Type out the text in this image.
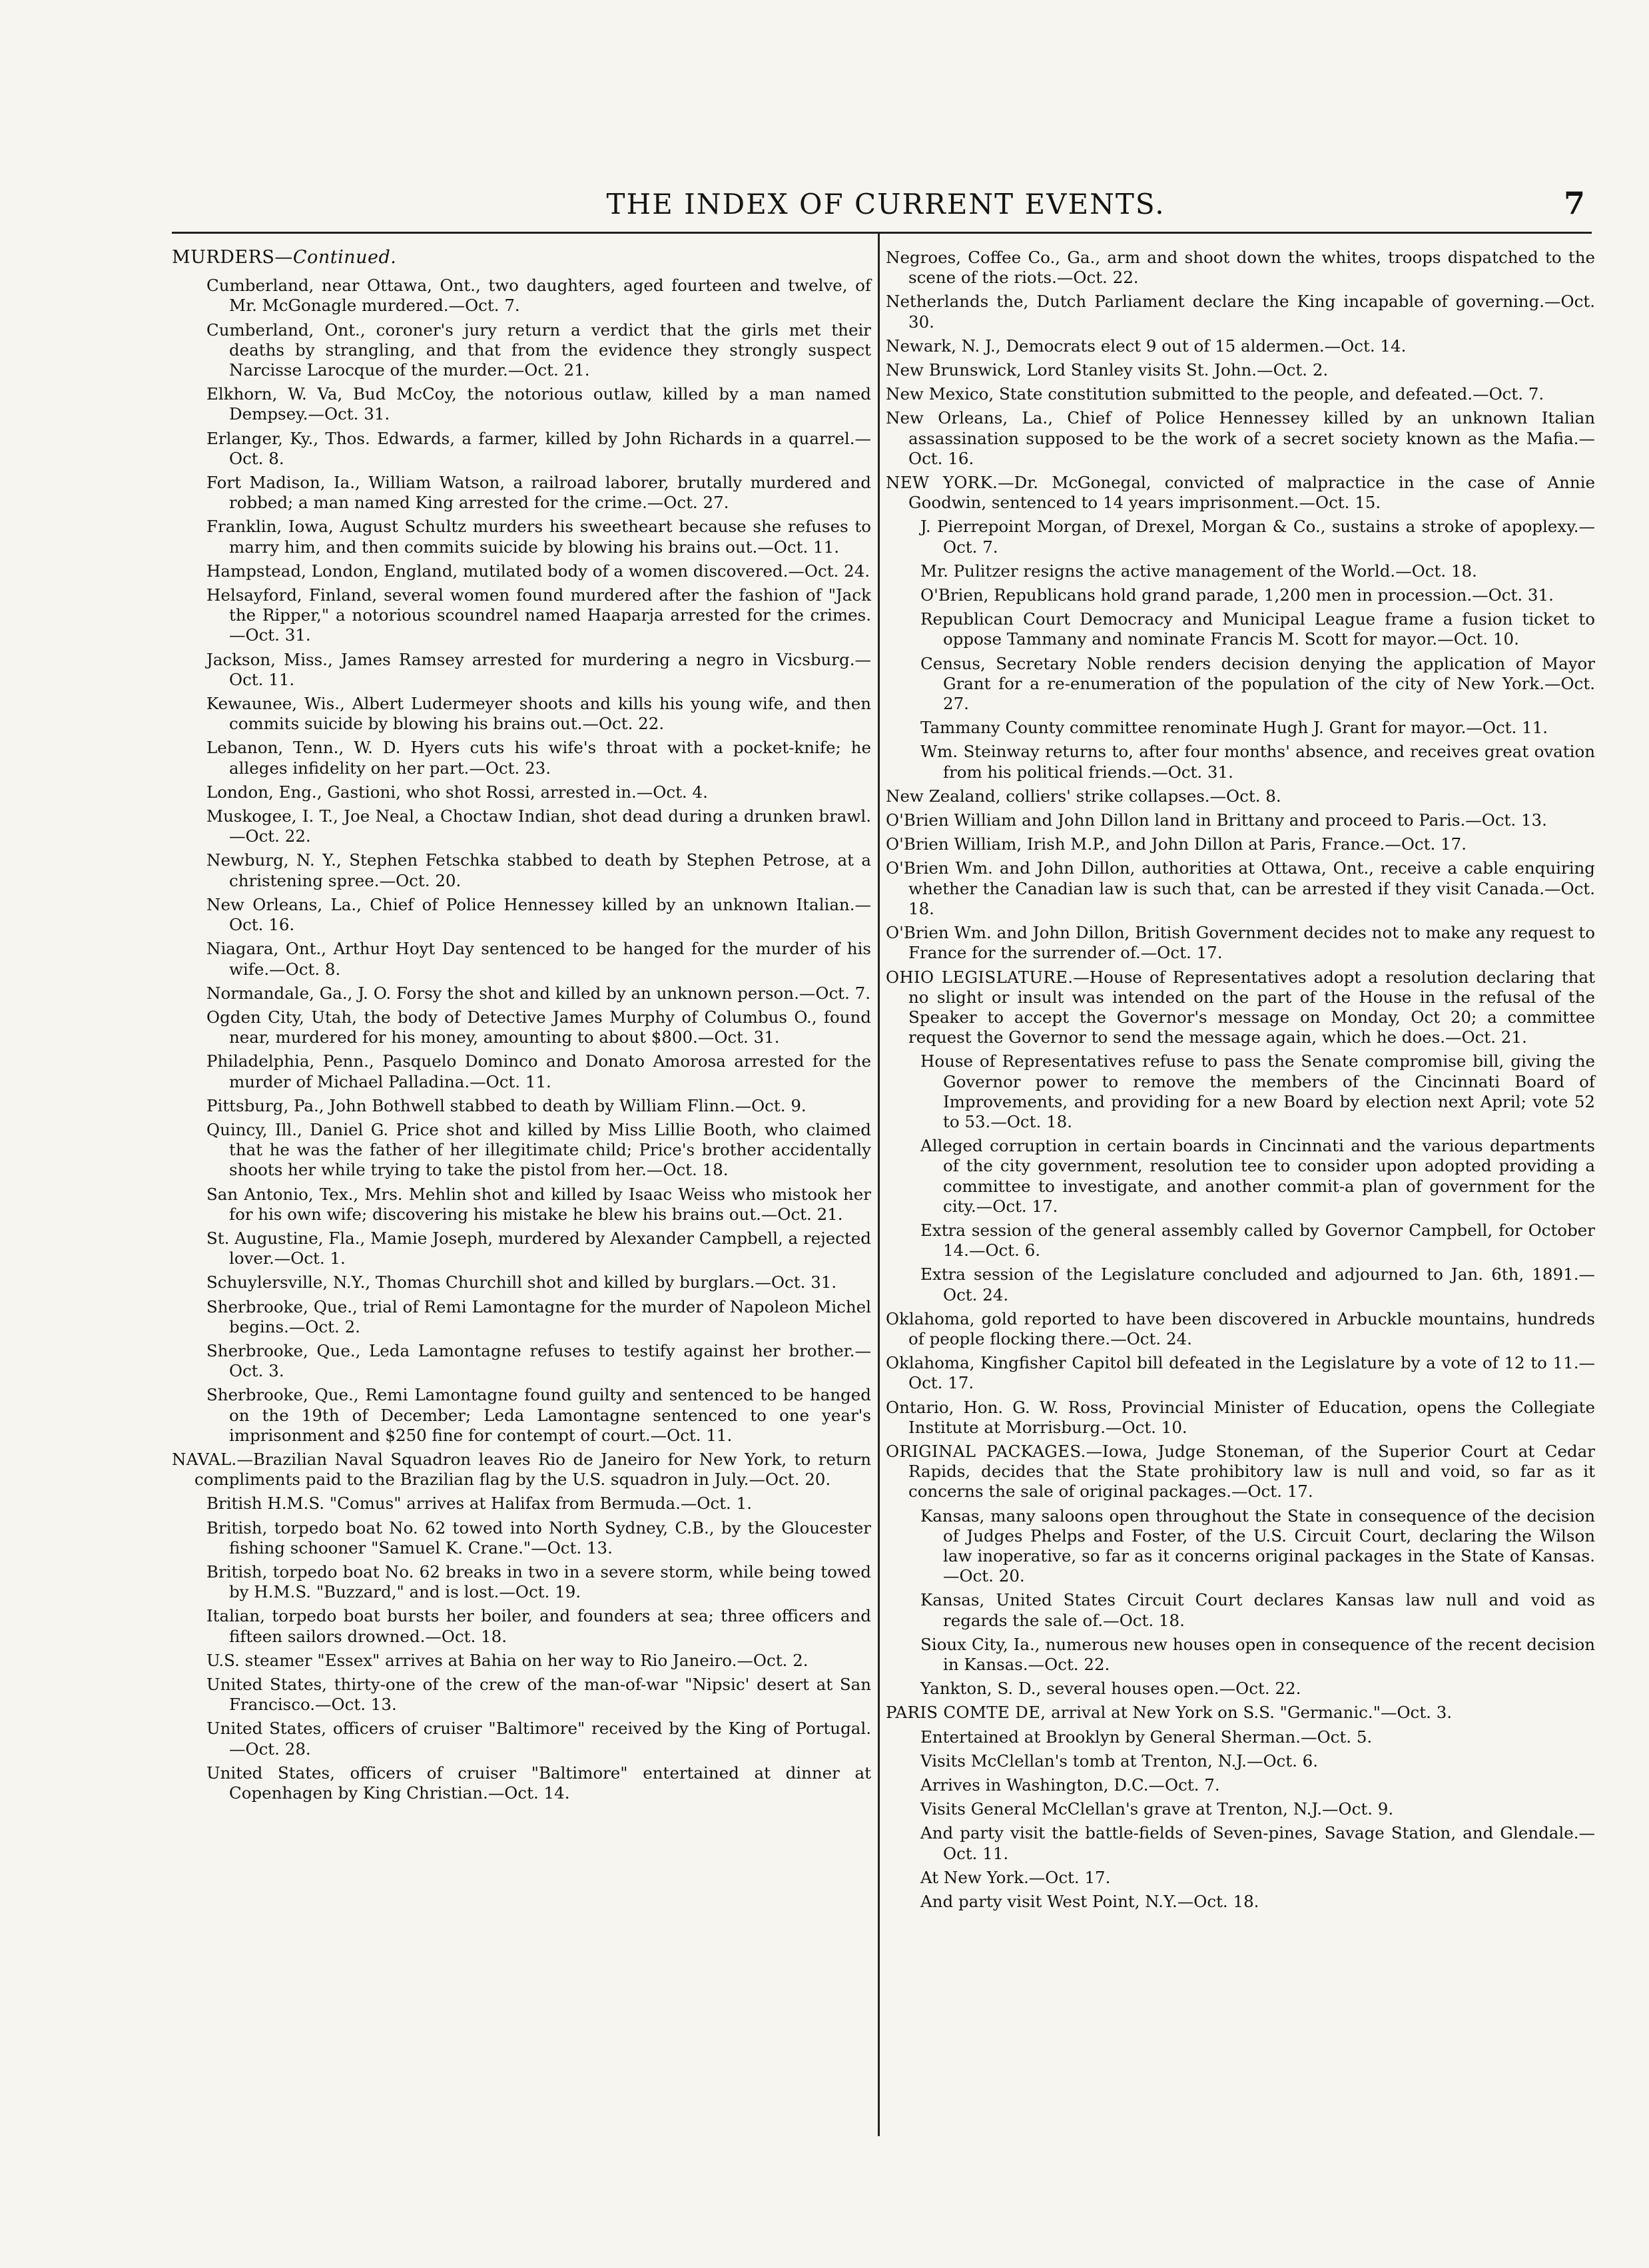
THE INDEX OF CURRENT EVENTS.	7

MURDERS—Continued.

Cumberland, near Ottawa, Ont., two daughters, aged fourteen and twelve, of Mr. McGonagle murdered.—Oct. 7.

Cumberland, Ont., coroner's jury return a verdict that the girls met their deaths by strangling, and that from the evidence they strongly suspect Narcisse Larocque of the murder.—Oct. 21.

Elkhorn, W. Va, Bud McCoy, the notorious outlaw, killed by a man named Dempsey.—Oct. 31.

Erlanger, Ky., Thos. Edwards, a farmer, killed by John Richards in a quarrel.—Oct. 8.

Fort Madison, Ia., William Watson, a railroad laborer, brutally murdered and robbed; a man named King arrested for the crime.—Oct. 27.

Franklin, Iowa, August Schultz murders his sweetheart because she refuses to marry him, and then commits suicide by blowing his brains out.—Oct. 11.

Hampstead, London, England, mutilated body of a women discovered.—Oct. 24.

Helsayford, Finland, several women found murdered after the fashion of "Jack the Ripper," a notorious scoundrel named Haaparja arrested for the crimes.—Oct. 31.

Jackson, Miss., James Ramsey arrested for murdering a negro in Vicsburg.—Oct. 11.

Kewaunee, Wis., Albert Ludermeyer shoots and kills his young wife, and then commits suicide by blowing his brains out.—Oct. 22.

Lebanon, Tenn., W. D. Hyers cuts his wife's throat with a pocket-knife; he alleges infidelity on her part.—Oct. 23.

London, Eng., Gastioni, who shot Rossi, arrested in.—Oct. 4.

Muskogee, I. T., Joe Neal, a Choctaw Indian, shot dead during a drunken brawl.—Oct. 22.

Newburg, N. Y., Stephen Fetschka stabbed to death by Stephen Petrose, at a christening spree.—Oct. 20.

New Orleans, La., Chief of Police Hennessey killed by an unknown Italian.—Oct. 16.

Niagara, Ont., Arthur Hoyt Day sentenced to be hanged for the murder of his wife.—Oct. 8.

Normandale, Ga., J. O. Forsy the shot and killed by an unknown person.—Oct. 7.

Ogden City, Utah, the body of Detective James Murphy of Columbus O., found near, murdered for his money, amounting to about $800.—Oct. 31.

Philadelphia, Penn., Pasquelo Dominco and Donato Amorosa arrested for the murder of Michael Palladina.—Oct. 11.

Pittsburg, Pa., John Bothwell stabbed to death by William Flinn.—Oct. 9.

Quincy, Ill., Daniel G. Price shot and killed by Miss Lillie Booth, who claimed that he was the father of her illegitimate child; Price's brother accidentally shoots her while trying to take the pistol from her.—Oct. 18.

San Antonio, Tex., Mrs. Mehlin shot and killed by Isaac Weiss who mistook her for his own wife; discovering his mistake he blew his brains out.—Oct. 21.

St. Augustine, Fla., Mamie Joseph, murdered by Alexander Campbell, a rejected lover.—Oct. 1.

Schuylersville, N.Y., Thomas Churchill shot and killed by burglars.—Oct. 31.

Sherbrooke, Que., trial of Remi Lamontagne for the murder of Napoleon Michel begins.—Oct. 2.

Sherbrooke, Que., Leda Lamontagne refuses to testify against her brother.—Oct. 3.

Sherbrooke, Que., Remi Lamontagne found guilty and sentenced to be hanged on the 19th of December; Leda Lamontagne sentenced to one year's imprisonment and $250 fine for contempt of court.—Oct. 11.

NAVAL.—Brazilian Naval Squadron leaves Rio de Janeiro for New York, to return compliments paid to the Brazilian flag by the U.S. squadron in July.—Oct. 20.

British H.M.S. "Comus" arrives at Halifax from Bermuda.—Oct. 1.

British, torpedo boat No. 62 towed into North Sydney, C.B., by the Gloucester fishing schooner "Samuel K. Crane."—Oct. 13.

British, torpedo boat No. 62 breaks in two in a severe storm, while being towed by H.M.S. "Buzzard," and is lost.—Oct. 19.

Italian, torpedo boat bursts her boiler, and founders at sea; three officers and fifteen sailors drowned.—Oct. 18.

U.S. steamer "Essex" arrives at Bahia on her way to Rio Janeiro.—Oct. 2.

United States, thirty-one of the crew of the man-of-war "Nipsic' desert at San Francisco.—Oct. 13.

United States, officers of cruiser "Baltimore" received by the King of Portugal.—Oct. 28.

United States, officers of cruiser "Baltimore" entertained at dinner at Copenhagen by King Christian.—Oct. 14.

Negroes, Coffee Co., Ga., arm and shoot down the whites, troops dispatched to the scene of the riots.—Oct. 22.

Netherlands the, Dutch Parliament declare the King incapable of governing.—Oct. 30.

Newark, N. J., Democrats elect 9 out of 15 aldermen.—Oct. 14.

New Brunswick, Lord Stanley visits St. John.—Oct. 2.

New Mexico, State constitution submitted to the people, and defeated.—Oct. 7.

New Orleans, La., Chief of Police Hennessey killed by an unknown Italian assassination supposed to be the work of a secret society known as the Mafia.—Oct. 16.

NEW YORK.—Dr. McGonegal, convicted of malpractice in the case of Annie Goodwin, sentenced to 14 years imprisonment.—Oct. 15.

J. Pierrepoint Morgan, of Drexel, Morgan & Co., sustains a stroke of apoplexy.—Oct. 7.

Mr. Pulitzer resigns the active management of the World.—Oct. 18.

O'Brien, Republicans hold grand parade, 1,200 men in procession.—Oct. 31.

Republican Court Democracy and Municipal League frame a fusion ticket to oppose Tammany and nominate Francis M. Scott for mayor.—Oct. 10.

Census, Secretary Noble renders decision denying the application of Mayor Grant for a re-enumeration of the population of the city of New York.—Oct. 27.

Tammany County committee renominate Hugh J. Grant for mayor.—Oct. 11.

Wm. Steinway returns to, after four months' absence, and receives great ovation from his political friends.—Oct. 31.

New Zealand, colliers' strike collapses.—Oct. 8.

O'Brien William and John Dillon land in Brittany and proceed to Paris.—Oct. 13.

O'Brien William, Irish M.P., and John Dillon at Paris, France.—Oct. 17.

O'Brien Wm. and John Dillon, authorities at Ottawa, Ont., receive a cable enquiring whether the Canadian law is such that, can be arrested if they visit Canada.—Oct. 18.

O'Brien Wm. and John Dillon, British Government decides not to make any request to France for the surrender of.—Oct. 17.

OHIO LEGISLATURE.—House of Representatives adopt a resolution declaring that no slight or insult was intended on the part of the House in the refusal of the Speaker to accept the Governor's message on Monday, Oct 20; a committee request the Governor to send the message again, which he does.—Oct. 21.

House of Representatives refuse to pass the Senate compromise bill, giving the Governor power to remove the members of the Cincinnati Board of Improvements, and providing for a new Board by election next April; vote 52 to 53.—Oct. 18.

Alleged corruption in certain boards in Cincinnati and the various departments of the city government, resolution tee to consider upon adopted providing a committee to investigate, and another commit-a plan of government for the city.—Oct. 17.

Extra session of the general assembly called by Governor Campbell, for October 14.—Oct. 6.

Extra session of the Legislature concluded and adjourned to Jan. 6th, 1891.—Oct. 24.

Oklahoma, gold reported to have been discovered in Arbuckle mountains, hundreds of people flocking there.—Oct. 24.

Oklahoma, Kingfisher Capitol bill defeated in the Legislature by a vote of 12 to 11.—Oct. 17.

Ontario, Hon. G. W. Ross, Provincial Minister of Education, opens the Collegiate Institute at Morrisburg.—Oct. 10.

ORIGINAL PACKAGES.—Iowa, Judge Stoneman, of the Superior Court at Cedar Rapids, decides that the State prohibitory law is null and void, so far as it concerns the sale of original packages.—Oct. 17.

Kansas, many saloons open throughout the State in consequence of the decision of Judges Phelps and Foster, of the U.S. Circuit Court, declaring the Wilson law inoperative, so far as it concerns original packages in the State of Kansas.—Oct. 20.

Kansas, United States Circuit Court declares Kansas law null and void as regards the sale of.—Oct. 18.

Sioux City, Ia., numerous new houses open in consequence of the recent decision in Kansas.—Oct. 22.

Yankton, S. D., several houses open.—Oct. 22.

PARIS COMTE DE, arrival at New York on S.S. "Germanic."—Oct. 3.

Entertained at Brooklyn by General Sherman.—Oct. 5.

Visits McClellan's tomb at Trenton, N.J.—Oct. 6.

Arrives in Washington, D.C.—Oct. 7.

Visits General McClellan's grave at Trenton, N.J.—Oct. 9.

And party visit the battle-fields of Seven-pines, Savage Station, and Glendale.—Oct. 11.

At New York.—Oct. 17.

And party visit West Point, N.Y.—Oct. 18.
